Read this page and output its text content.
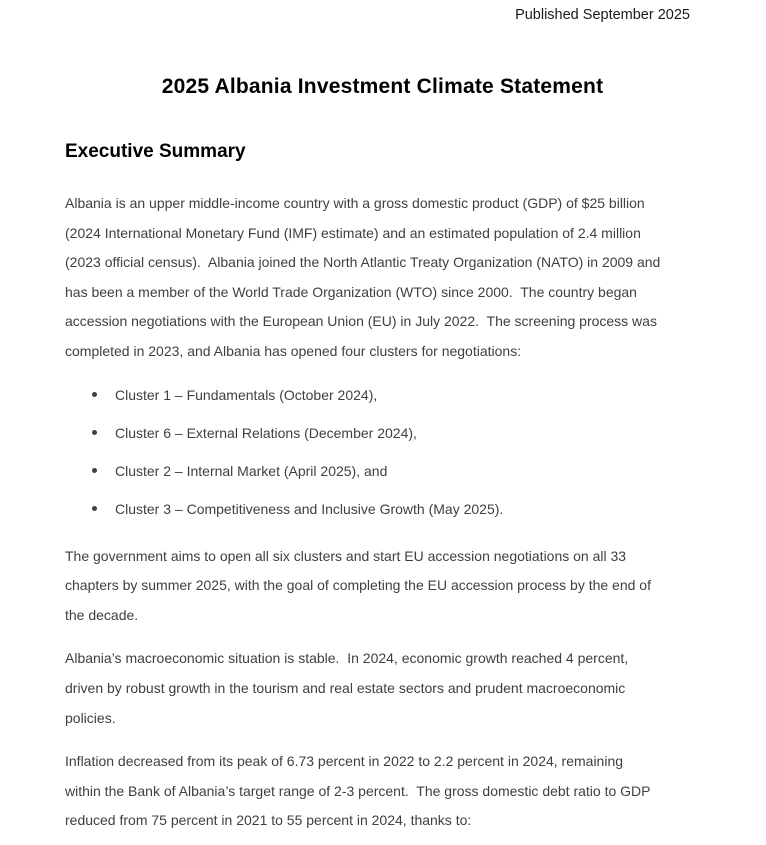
Published September 2025
2025 Albania Investment Climate Statement
Executive Summary
Albania is an upper middle-income country with a gross domestic product (GDP) of $25 billion
(2024 International Monetary Fund (IMF) estimate) and an estimated population of 2.4 million
(2023 official census).  Albania joined the North Atlantic Treaty Organization (NATO) in 2009 and
has been a member of the World Trade Organization (WTO) since 2000.  The country began
accession negotiations with the European Union (EU) in July 2022.  The screening process was
completed in 2023, and Albania has opened four clusters for negotiations:
Cluster 1 – Fundamentals (October 2024),
Cluster 6 – External Relations (December 2024),
Cluster 2 – Internal Market (April 2025), and
Cluster 3 – Competitiveness and Inclusive Growth (May 2025).
The government aims to open all six clusters and start EU accession negotiations on all 33
chapters by summer 2025, with the goal of completing the EU accession process by the end of
the decade.
Albania’s macroeconomic situation is stable.  In 2024, economic growth reached 4 percent,
driven by robust growth in the tourism and real estate sectors and prudent macroeconomic
policies.
Inflation decreased from its peak of 6.73 percent in 2022 to 2.2 percent in 2024, remaining
within the Bank of Albania’s target range of 2-3 percent.  The gross domestic debt ratio to GDP
reduced from 75 percent in 2021 to 55 percent in 2024, thanks to:
